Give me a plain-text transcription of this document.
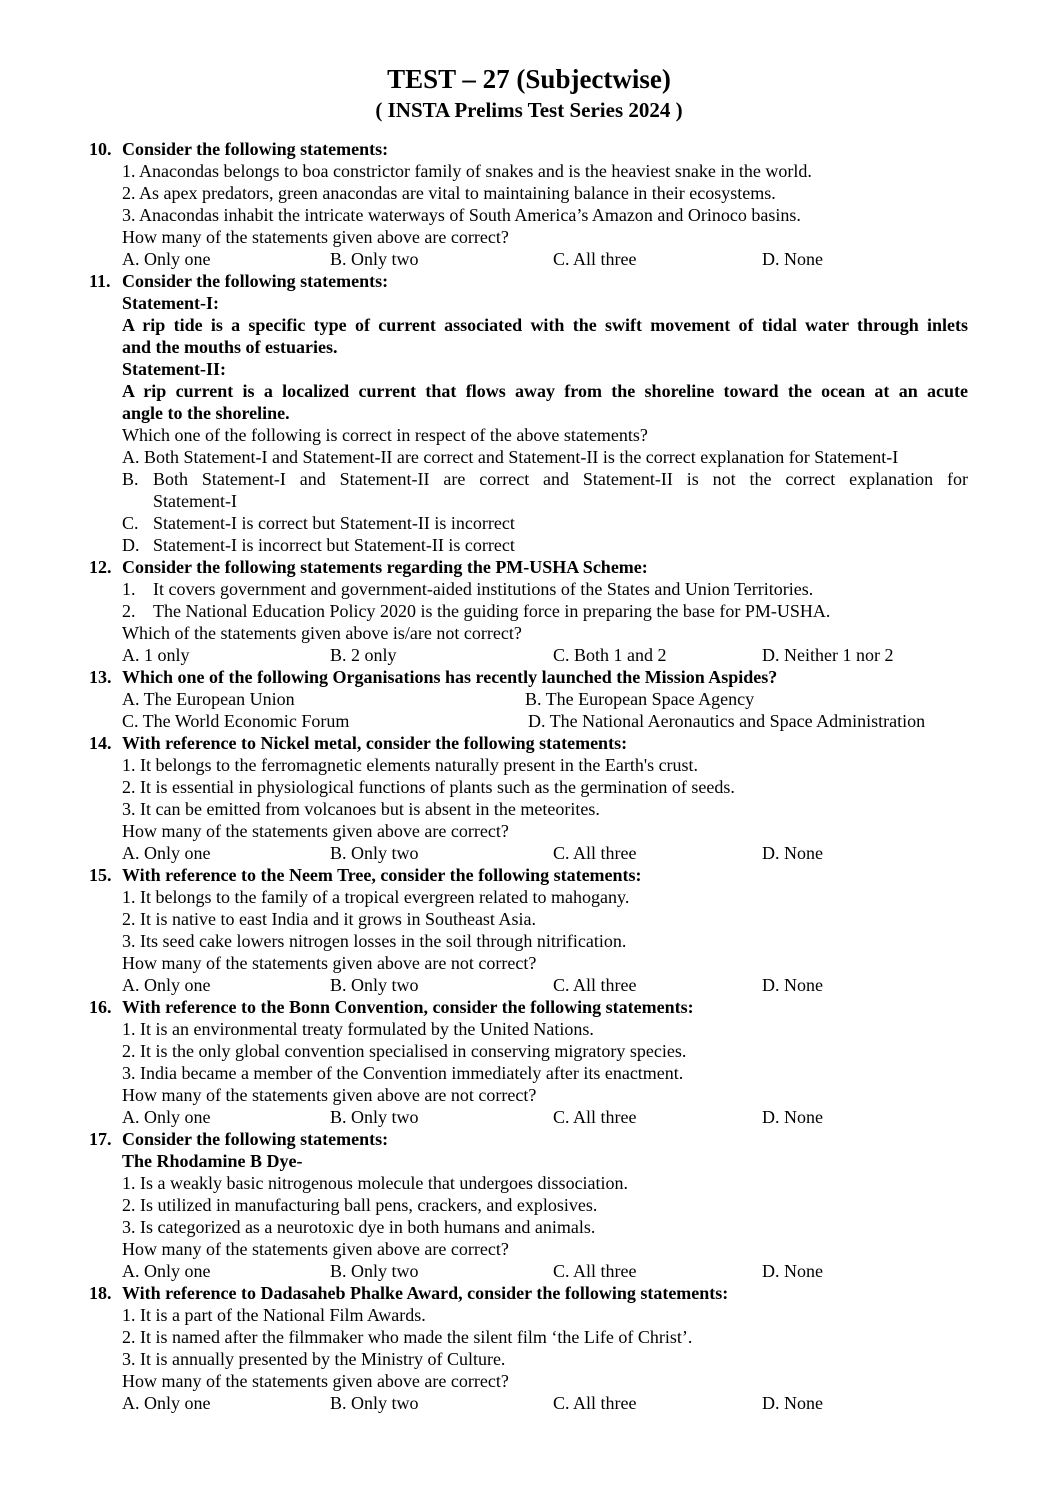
TEST – 27 (Subjectwise)
( INSTA Prelims Test Series 2024 )
10. Consider the following statements:
1. Anacondas belongs to boa constrictor family of snakes and is the heaviest snake in the world.
2. As apex predators, green anacondas are vital to maintaining balance in their ecosystems.
3. Anacondas inhabit the intricate waterways of South America’s Amazon and Orinoco basins.
How many of the statements given above are correct?
A. Only one	B. Only two	C. All three	D. None
11. Consider the following statements:
Statement-I:
A rip tide is a specific type of current associated with the swift movement of tidal water through inlets
and the mouths of estuaries.
Statement-II:
A rip current is a localized current that flows away from the shoreline toward the ocean at an acute
angle to the shoreline.
Which one of the following is correct in respect of the above statements?
A. Both Statement-I and Statement-II are correct and Statement-II is the correct explanation for Statement-I
B. Both Statement-I and Statement-II are correct and Statement-II is not the correct explanation for
Statement-I
C. Statement-I is correct but Statement-II is incorrect
D. Statement-I is incorrect but Statement-II is correct
12. Consider the following statements regarding the PM-USHA Scheme:
1. It covers government and government-aided institutions of the States and Union Territories.
2. The National Education Policy 2020 is the guiding force in preparing the base for PM-USHA.
Which of the statements given above is/are not correct?
A. 1 only	B. 2 only	C. Both 1 and 2	D. Neither 1 nor 2
13. Which one of the following Organisations has recently launched the Mission Aspides?
A. The European Union	B. The European Space Agency
C. The World Economic Forum	D. The National Aeronautics and Space Administration
14. With reference to Nickel metal, consider the following statements:
1. It belongs to the ferromagnetic elements naturally present in the Earth's crust.
2. It is essential in physiological functions of plants such as the germination of seeds.
3. It can be emitted from volcanoes but is absent in the meteorites.
How many of the statements given above are correct?
A. Only one	B. Only two	C. All three	D. None
15. With reference to the Neem Tree, consider the following statements:
1. It belongs to the family of a tropical evergreen related to mahogany.
2. It is native to east India and it grows in Southeast Asia.
3. Its seed cake lowers nitrogen losses in the soil through nitrification.
How many of the statements given above are not correct?
A. Only one	B. Only two	C. All three	D. None
16. With reference to the Bonn Convention, consider the following statements:
1. It is an environmental treaty formulated by the United Nations.
2. It is the only global convention specialised in conserving migratory species.
3. India became a member of the Convention immediately after its enactment.
How many of the statements given above are not correct?
A. Only one	B. Only two	C. All three	D. None
17. Consider the following statements:
The Rhodamine B Dye-
1. Is a weakly basic nitrogenous molecule that undergoes dissociation.
2. Is utilized in manufacturing ball pens, crackers, and explosives.
3. Is categorized as a neurotoxic dye in both humans and animals.
How many of the statements given above are correct?
A. Only one	B. Only two	C. All three	D. None
18. With reference to Dadasaheb Phalke Award, consider the following statements:
1. It is a part of the National Film Awards.
2. It is named after the filmmaker who made the silent film ‘the Life of Christ’.
3. It is annually presented by the Ministry of Culture.
How many of the statements given above are correct?
A. Only one	B. Only two	C. All three	D. None
